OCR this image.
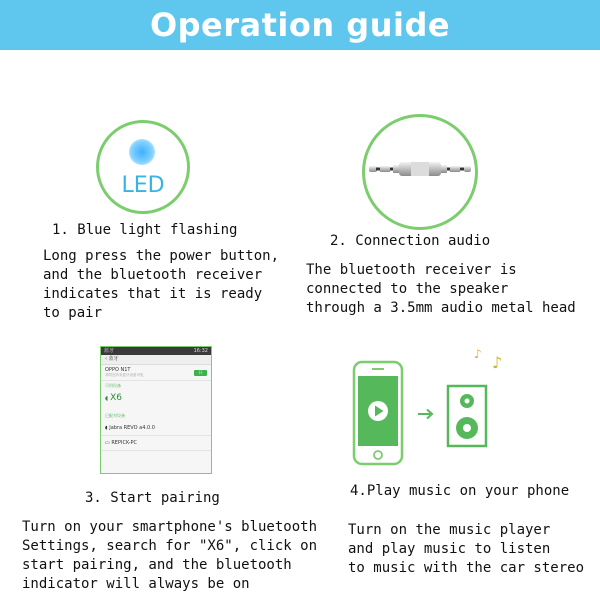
Operation guide
LED
1. Blue light flashing
Long press the power button,
and the bluetooth receiver
indicates that it is ready
to pair
2. Connection audio
The bluetooth receiver is
connected to the speaker
through a 3.5mm audio metal head
蓝牙	16:32
‹ 蓝牙
OPPO N1T
对附近所有蓝牙设备可见
开
可用设备
◖ X6
已配对设备
◖ Jabra REVO a4.0.0
▭ REPICK-PC
3. Start pairing
Turn on your smartphone's bluetooth
Settings, search for "X6", click on
start pairing, and the bluetooth
indicator will always be on
♪ ♪
4.Play music on your phone
Turn on the music player
and play music to listen
to music with the car stereo
